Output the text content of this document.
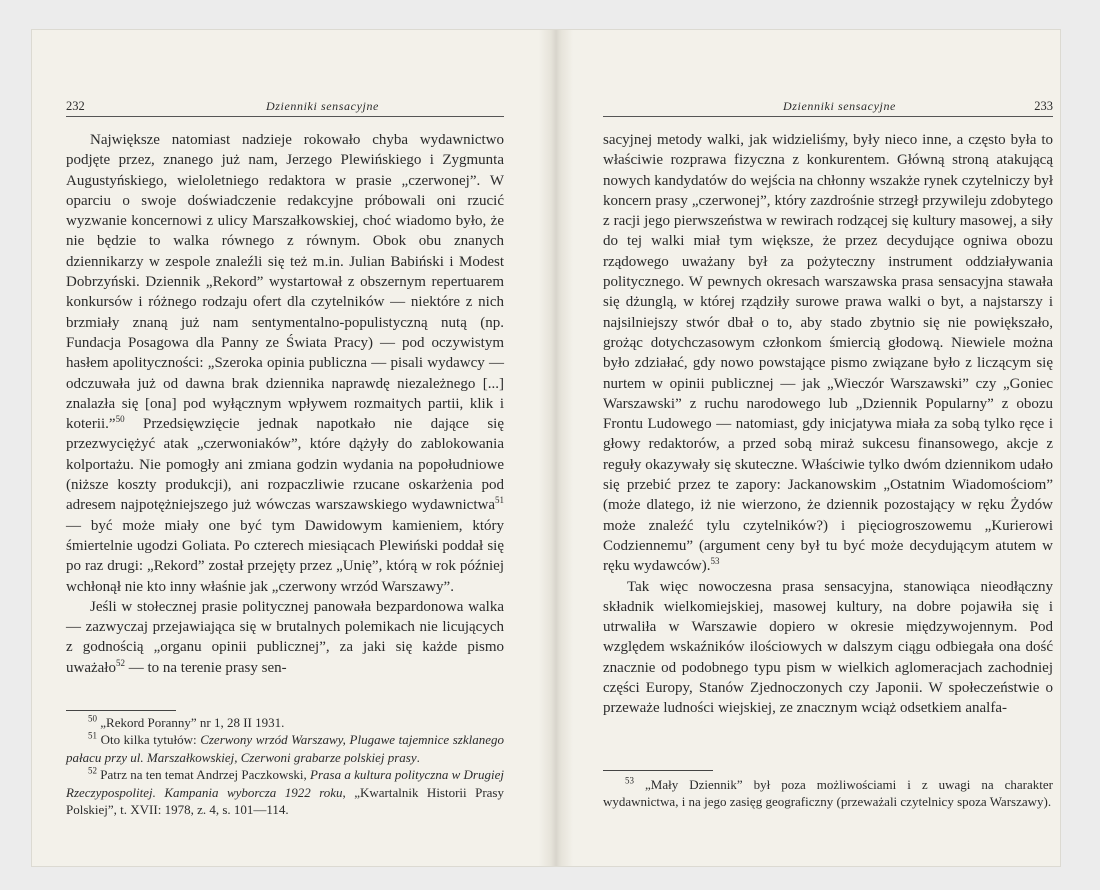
232	Dzienniki sensacyjne

Największe natomiast nadzieje rokowało chyba wydawnictwo podjęte przez, znanego już nam, Jerzego Plewińskiego i Zygmunta Augustyńskiego, wieloletniego redaktora w prasie „czerwonej”. W oparciu o swoje doświadczenie redakcyjne próbowali oni rzucić wyzwanie koncernowi z ulicy Marszałkowskiej, choć wiadomo było, że nie będzie to walka równego z równym. Obok obu znanych dziennikarzy w zespole znaleźli się też m.in. Julian Babiński i Modest Dobrzyński. Dziennik „Rekord” wystartował z obszernym repertuarem konkursów i różnego rodzaju ofert dla czytelników — niektóre z nich brzmiały znaną już nam sentymentalno-populistyczną nutą (np. Fundacja Posagowa dla Panny ze Świata Pracy) — pod oczywistym hasłem apolityczności: „Szeroka opinia publiczna — pisali wydawcy — odczuwała już od dawna brak dziennika naprawdę niezależnego [...] znalazła się [ona] pod wyłącznym wpływem rozmaitych partii, klik i koterii.”$^{50}$ Przedsięwzięcie jednak napotkało nie dające się przezwyciężyć atak „czerwoniaków”, które dążyły do zablokowania kolportażu. Nie pomogły ani zmiana godzin wydania na popołudniowe (niższe koszty produkcji), ani rozpaczliwie rzucane oskarżenia pod adresem najpotężniejszego już wówczas warszawskiego wydawnictwa$^{51}$ — być może miały one być tym Dawidowym kamieniem, który śmiertelnie ugodzi Goliata. Po czterech miesiącach Plewiński poddał się po raz drugi: „Rekord” został przejęty przez „Unię”, którą w rok później wchłonął nie kto inny właśnie jak „czerwony wrzód Warszawy”.

Jeśli w stołecznej prasie politycznej panowała bezpardonowa walka — zazwyczaj przejawiająca się w brutalnych polemikach nie licujących z godnością „organu opinii publicznej”, za jaki się każde pismo uważało$^{52}$ — to na terenie prasy sen-

$^{50}$ „Rekord Poranny” nr 1, 28 II 1931.

$^{51}$ Oto kilka tytułów: Czerwony wrzód Warszawy, Plugawe tajemnice szklanego pałacu przy ul. Marszałkowskiej, Czerwoni grabarze polskiej prasy.

$^{52}$ Patrz na ten temat Andrzej Paczkowski, Prasa a kultura polityczna w Drugiej Rzeczypospolitej. Kampania wyborcza 1922 roku, „Kwartalnik Historii Prasy Polskiej”, t. XVII: 1978, z. 4, s. 101—114.

Dzienniki sensacyjne	233

sacyjnej metody walki, jak widzieliśmy, były nieco inne, a często była to właściwie rozprawa fizyczna z konkurentem. Główną stroną atakującą nowych kandydatów do wejścia na chłonny wszakże rynek czytelniczy był koncern prasy „czerwonej”, który zazdrośnie strzegł przywileju zdobytego z racji jego pierwszeństwa w rewirach rodzącej się kultury masowej, a siły do tej walki miał tym większe, że przez decydujące ogniwa obozu rządowego uważany był za pożyteczny instrument oddziaływania politycznego. W pewnych okresach warszawska prasa sensacyjna stawała się dżunglą, w której rządziły surowe prawa walki o byt, a najstarszy i najsilniejszy stwór dbał o to, aby stado zbytnio się nie powiększało, grożąc dotychczasowym członkom śmiercią głodową. Niewiele można było zdziałać, gdy nowo powstające pismo związane było z liczącym się nurtem w opinii publicznej — jak „Wieczór Warszawski” czy „Goniec Warszawski” z ruchu narodowego lub „Dziennik Popularny” z obozu Frontu Ludowego — natomiast, gdy inicjatywa miała za sobą tylko ręce i głowy redaktorów, a przed sobą miraż sukcesu finansowego, akcje z reguły okazywały się skuteczne. Właściwie tylko dwóm dziennikom udało się przebić przez te zapory: Jackanowskim „Ostatnim Wiadomościom” (może dlatego, iż nie wierzono, że dziennik pozostający w ręku Żydów może znaleźć tylu czytelników?) i pięciogroszowemu „Kurierowi Codziennemu” (argument ceny był tu być może decydującym atutem w ręku wydawców).$^{53}$

Tak więc nowoczesna prasa sensacyjna, stanowiąca nieodłączny składnik wielkomiejskiej, masowej kultury, na dobre pojawiła się i utrwaliła w Warszawie dopiero w okresie międzywojennym. Pod względem wskaźników ilościowych w dalszym ciągu odbiegała ona dość znacznie od podobnego typu pism w wielkich aglomeracjach zachodniej części Europy, Stanów Zjednoczonych czy Japonii. W społeczeństwie o przeważe ludności wiejskiej, ze znacznym wciąż odsetkiem analfa-

$^{53}$ „Mały Dziennik” był poza możliwościami i z uwagi na charakter wydawnictwa, i na jego zasięg geograficzny (przeważali czytelnicy spoza Warszawy).
